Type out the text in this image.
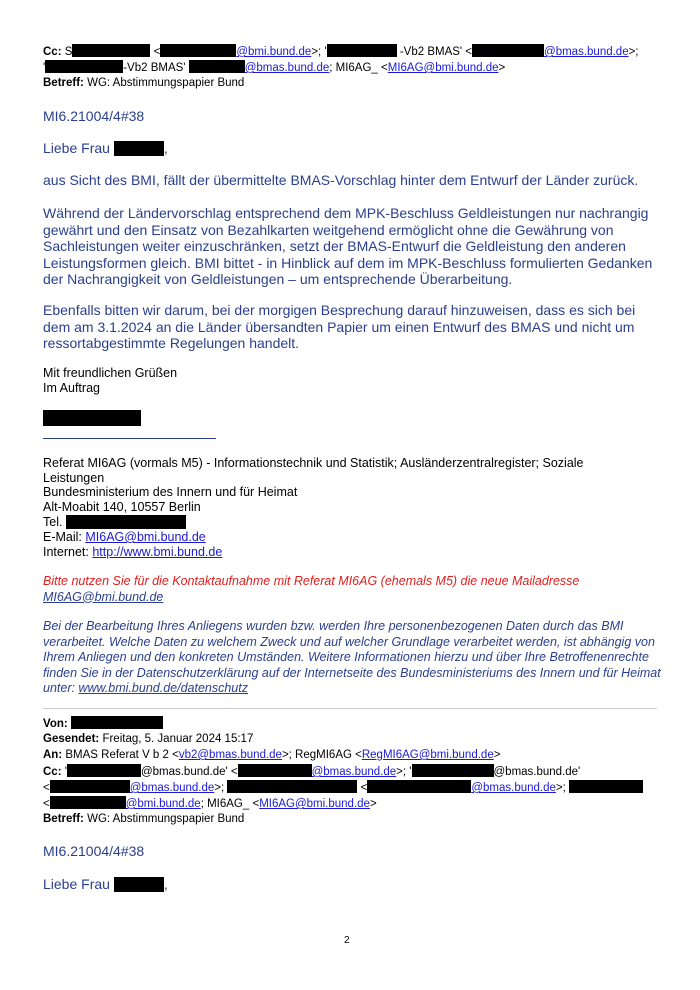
Cc: S	<	@bmi.bund.de>; '	-Vb2 BMAS' <	@bmas.bund.de>;
'	-Vb2 BMAS'	@bmas.bund.de; MI6AG_ <MI6AG@bmi.bund.de>
Betreff: WG: Abstimmungspapier Bund
MI6.21004/4#38
Liebe Frau	,
aus Sicht des BMI, fällt der übermittelte BMAS-Vorschlag hinter dem Entwurf der Länder zurück.
Während der Ländervorschlag entsprechend dem MPK-Beschluss Geldleistungen nur nachrangig gewährt und den Einsatz von Bezahlkarten weitgehend ermöglicht ohne die Gewährung von Sachleistungen weiter einzuschränken, setzt der BMAS-Entwurf die Geldleistung den anderen Leistungsformen gleich. BMI bittet - in Hinblick auf dem im MPK-Beschluss formulierten Gedanken der Nachrangigkeit von Geldleistungen – um entsprechende Überarbeitung.
Ebenfalls bitten wir darum, bei der morgigen Besprechung darauf hinzuweisen, dass es sich bei dem am 3.1.2024 an die Länder übersandten Papier um einen Entwurf des BMAS und nicht um ressortabgestimmte Regelungen handelt.
Mit freundlichen Grüßen
Im Auftrag
Referat MI6AG (vormals M5) - Informationstechnik und Statistik; Ausländerzentralregister; Soziale Leistungen
Bundesministerium des Innern und für Heimat
Alt-Moabit 140, 10557 Berlin
Tel.
E-Mail: MI6AG@bmi.bund.de
Internet: http://www.bmi.bund.de
Bitte nutzen Sie für die Kontaktaufnahme mit Referat MI6AG (ehemals M5) die neue Mailadresse MI6AG@bmi.bund.de
Bei der Bearbeitung Ihres Anliegens wurden bzw. werden Ihre personenbezogenen Daten durch das BMI verarbeitet. Welche Daten zu welchem Zweck und auf welcher Grundlage verarbeitet werden, ist abhängig von Ihrem Anliegen und den konkreten Umständen. Weitere Informationen hierzu und über Ihre Betroffenenrechte finden Sie in der Datenschutzerklärung auf der Internetseite des Bundesministeriums des Innern und für Heimat unter: www.bmi.bund.de/datenschutz
Von:
Gesendet: Freitag, 5. Januar 2024 15:17
An: BMAS Referat V b 2 <vb2@bmas.bund.de>; RegMI6AG <RegMI6AG@bmi.bund.de>
Cc: '	@bmas.bund.de' <	@bmas.bund.de>; '	@bmas.bund.de'
<	@bmas.bund.de>;	<	@bmas.bund.de>;
<	@bmi.bund.de; MI6AG_ <MI6AG@bmi.bund.de>
Betreff: WG: Abstimmungspapier Bund
MI6.21004/4#38
Liebe Frau	,
2
